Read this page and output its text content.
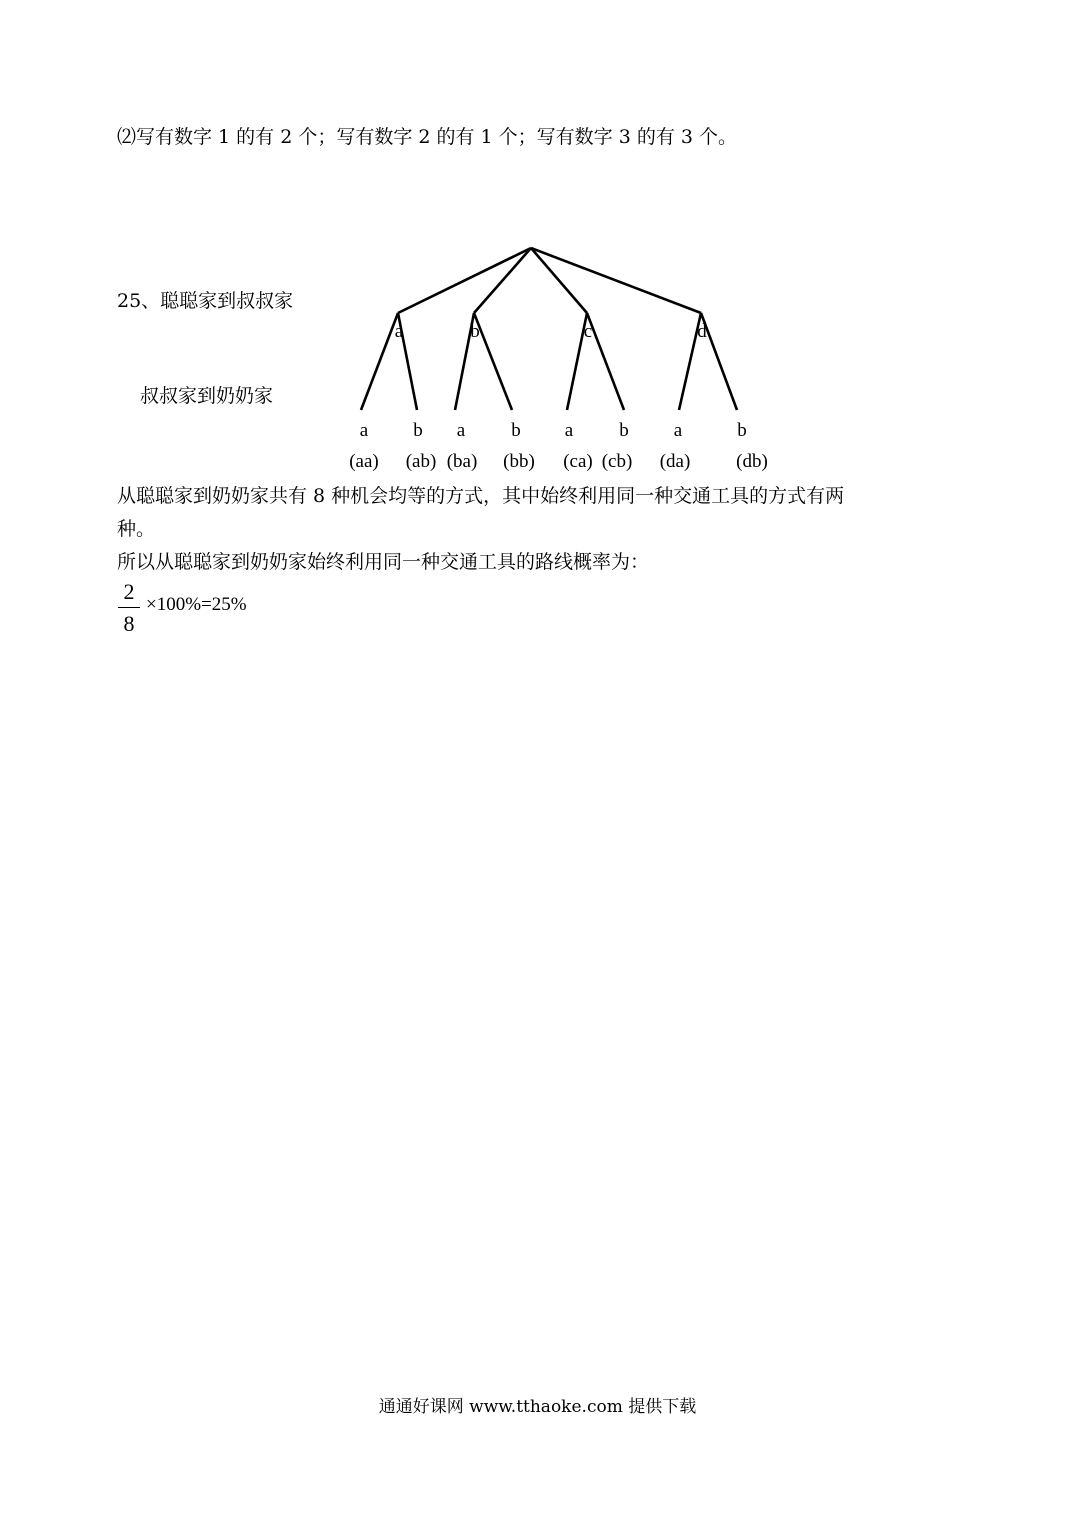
⑵写有数字 1 的有 2 个；写有数字 2 的有 1 个；写有数字 3 的有 3 个。
25、聪聪家到叔叔家
叔叔家到奶奶家
a	b	c	d
a b a b a b a	b
(aa) (ab) (ba) (bb) (ca) (cb) (da) (db)
从聪聪家到奶奶家共有 8 种机会均等的方式，其中始终利用同一种交通工具的方式有两
种。
所以从聪聪家到奶奶家始终利用同一种交通工具的路线概率为：
2
8
×100%=25%
通通好课网 www.tthaoke.com 提供下载
